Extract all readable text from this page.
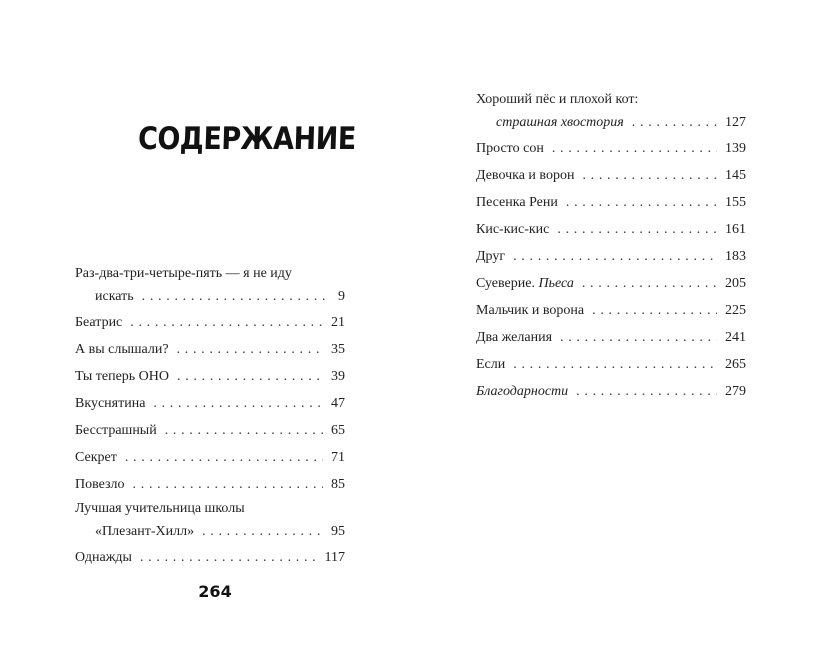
СОДЕРЖАНИЕ
Раз-два-три-четыре-пять — я не иду
искать . . .	9
Беатрис . . .	21
А вы слышали? . . .	35
Ты теперь ОНО . . .	39
Вкуснятина . . .	47
Бесстрашный . . .	65
Секрет . . .	71
Повезло . . .	85
Лучшая учительница школы
«Плезант-Хилл» . . .	95
Однажды . . .	117
Хороший пёс и плохой кот:
страшная хвостория . . .	127
Просто сон . . .	139
Девочка и ворон . . .	145
Песенка Рени . . .	155
Кис-кис-кис . . .	161
Друг . . .	183
Суеверие. Пьеса . . .	205
Мальчик и ворона . . .	225
Два желания . . .	241
Если . . .	265
Благодарности . . .	279
264
